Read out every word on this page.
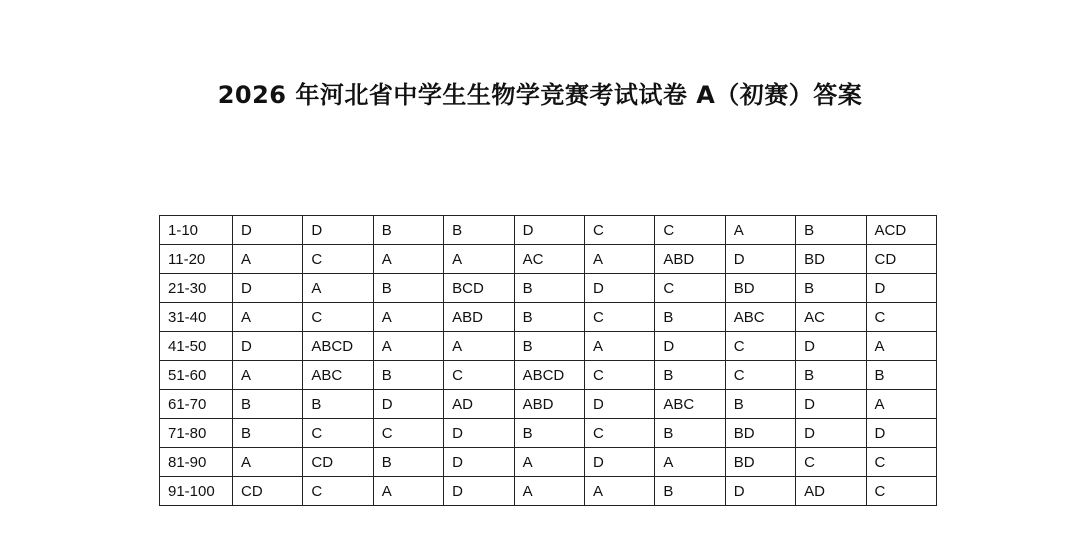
2026 年河北省中学生生物学竞赛考试试卷 A（初赛）答案
1-10	D	D	B	B	D	C	C	A	B	ACD
11-20	A	C	A	A	AC	A	ABD	D	BD	CD
21-30	D	A	B	BCD	B	D	C	BD	B	D
31-40	A	C	A	ABD	B	C	B	ABC	AC	C
41-50	D	ABCD	A	A	B	A	D	C	D	A
51-60	A	ABC	B	C	ABCD	C	B	C	B	B
61-70	B	B	D	AD	ABD	D	ABC	B	D	A
71-80	B	C	C	D	B	C	B	BD	D	D
81-90	A	CD	B	D	A	D	A	BD	C	C
91-100	CD	C	A	D	A	A	B	D	AD	C
